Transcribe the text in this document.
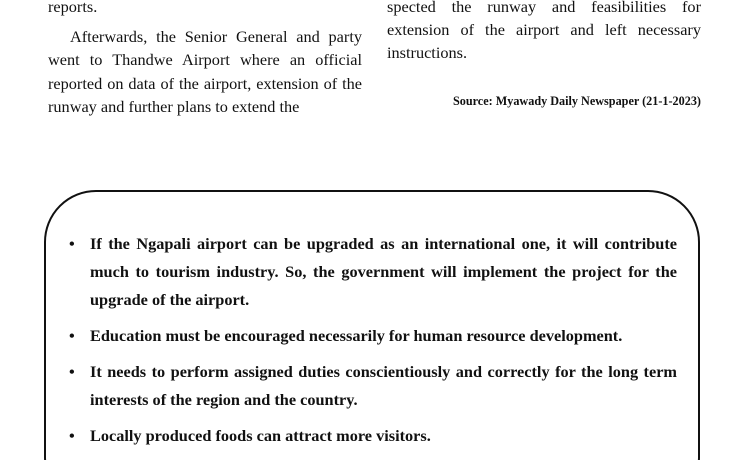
reports.

Afterwards, the Senior General and party went to Thandwe Airport where an official reported on data of the airport, extension of the runway and further plans to extend the

spected the runway and feasibilities for extension of the airport and left necessary instructions.

Source: Myawady Daily Newspaper (21-1-2023)
• If the Ngapali airport can be upgraded as an international one, it will contribute much to tourism industry. So, the government will implement the project for the upgrade of the airport.
• Education must be encouraged necessarily for human resource development.
• It needs to perform assigned duties conscientiously and correctly for the long term interests of the region and the country.
• Locally produced foods can attract more visitors.
